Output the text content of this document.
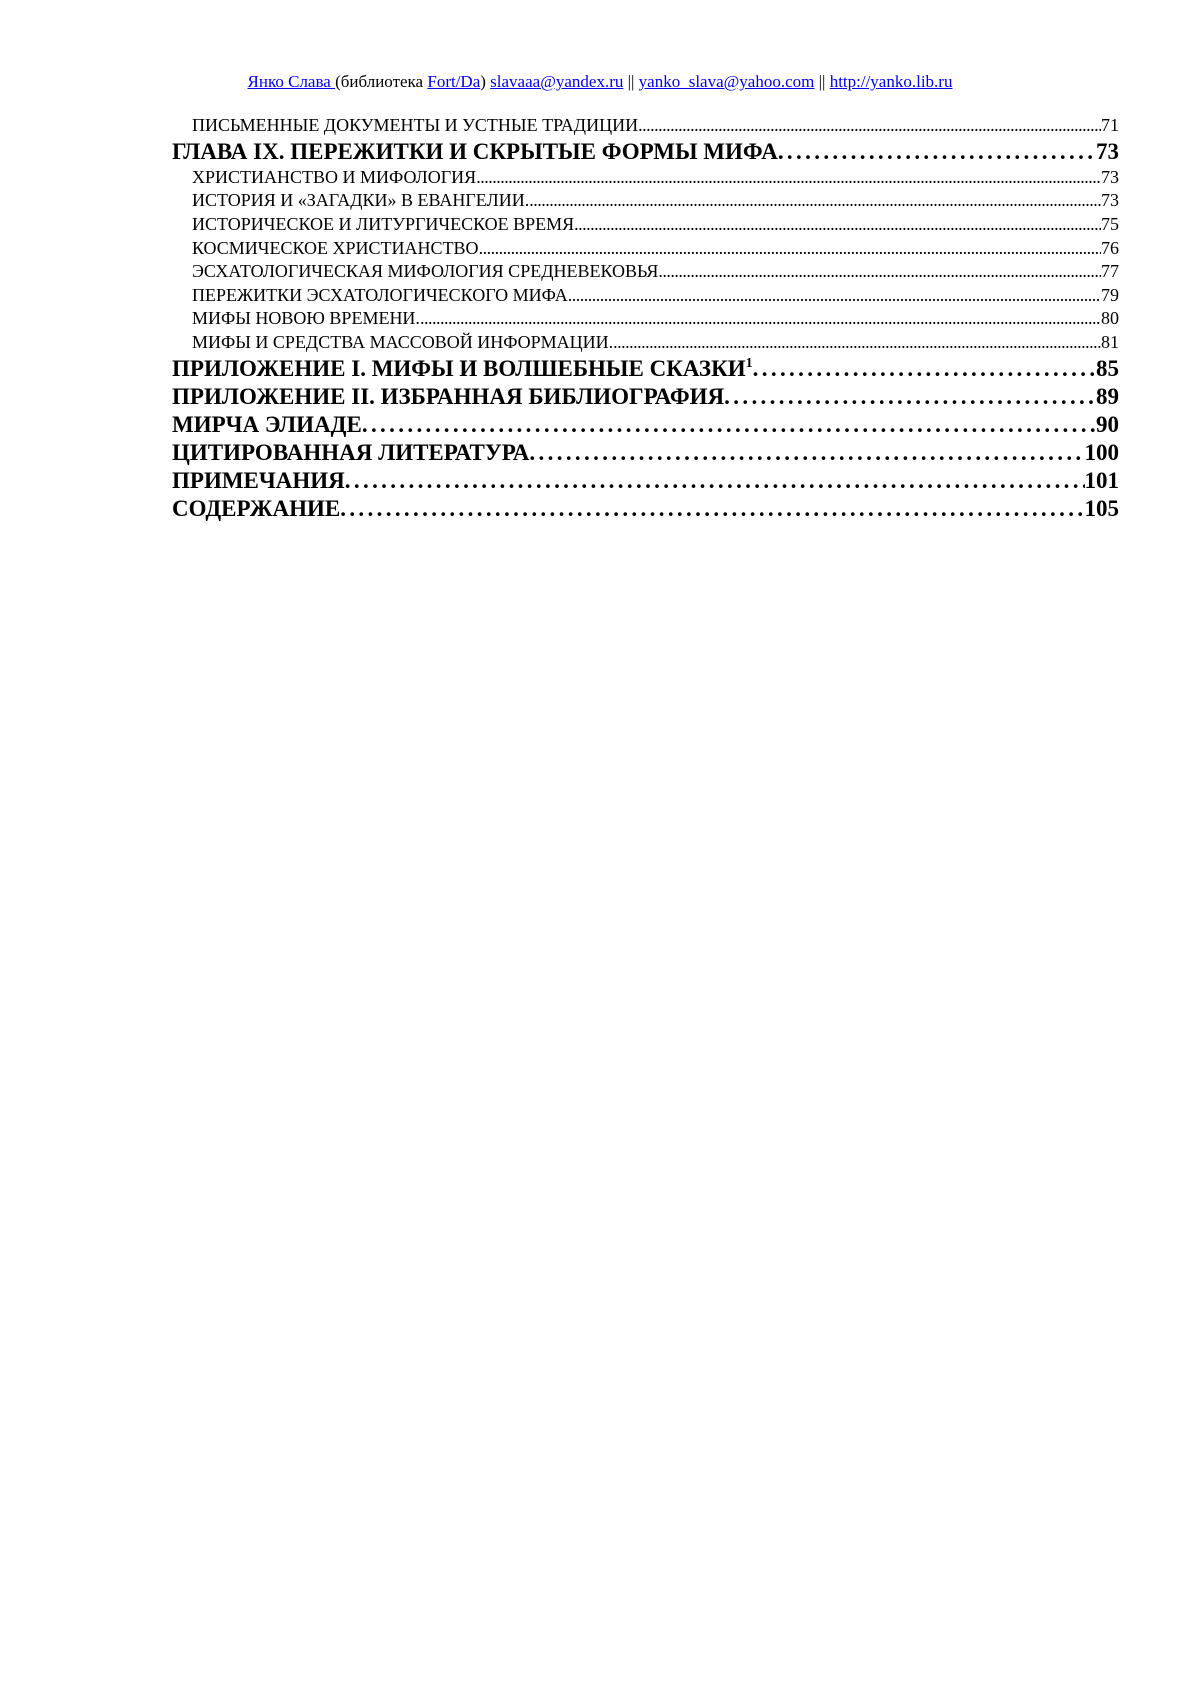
Янко Слава (библиотека Fort/Da) slavaaa@yandex.ru || yanko_slava@yahoo.com || http://yanko.lib.ru
ПИСЬМЕННЫЕ ДОКУМЕНТЫ И УСТНЫЕ ТРАДИЦИИ . . .	71
ГЛАВА IX. ПЕРЕЖИТКИ И СКРЫТЫЕ ФОРМЫ МИФА . . .	73
ХРИСТИАНСТВО И МИФОЛОГИЯ . . .	73
ИСТОРИЯ И «ЗАГАДКИ» В ЕВАНГЕЛИИ. . . .	73
ИСТОРИЧЕСКОЕ И ЛИТУРГИЧЕСКОЕ ВРЕМЯ . . .	75
КОСМИЧЕСКОЕ ХРИСТИАНСТВО . . .	76
ЭСХАТОЛОГИЧЕСКАЯ МИФОЛОГИЯ СРЕДНЕВЕКОВЬЯ . . .	77
ПЕРЕЖИТКИ ЭСХАТОЛОГИЧЕСКОГО МИФА . . .	79
МИФЫ НОВОЮ ВРЕМЕНИ. . . .	80
МИФЫ И СРЕДСТВА МАССОВОЙ ИНФОРМАЦИИ. . . .	81
ПРИЛОЖЕНИЕ I. МИФЫ И ВОЛШЕБНЫЕ СКАЗКИ$^1$ . . .	85
ПРИЛОЖЕНИЕ II. ИЗБРАННАЯ БИБЛИОГРАФИЯ . . .	89
МИРЧА ЭЛИАДЕ . . .	90
ЦИТИРОВАННАЯ ЛИТЕРАТУРА . . .	100
ПРИМЕЧАНИЯ . . .	101
СОДЕРЖАНИЕ . . .	105
